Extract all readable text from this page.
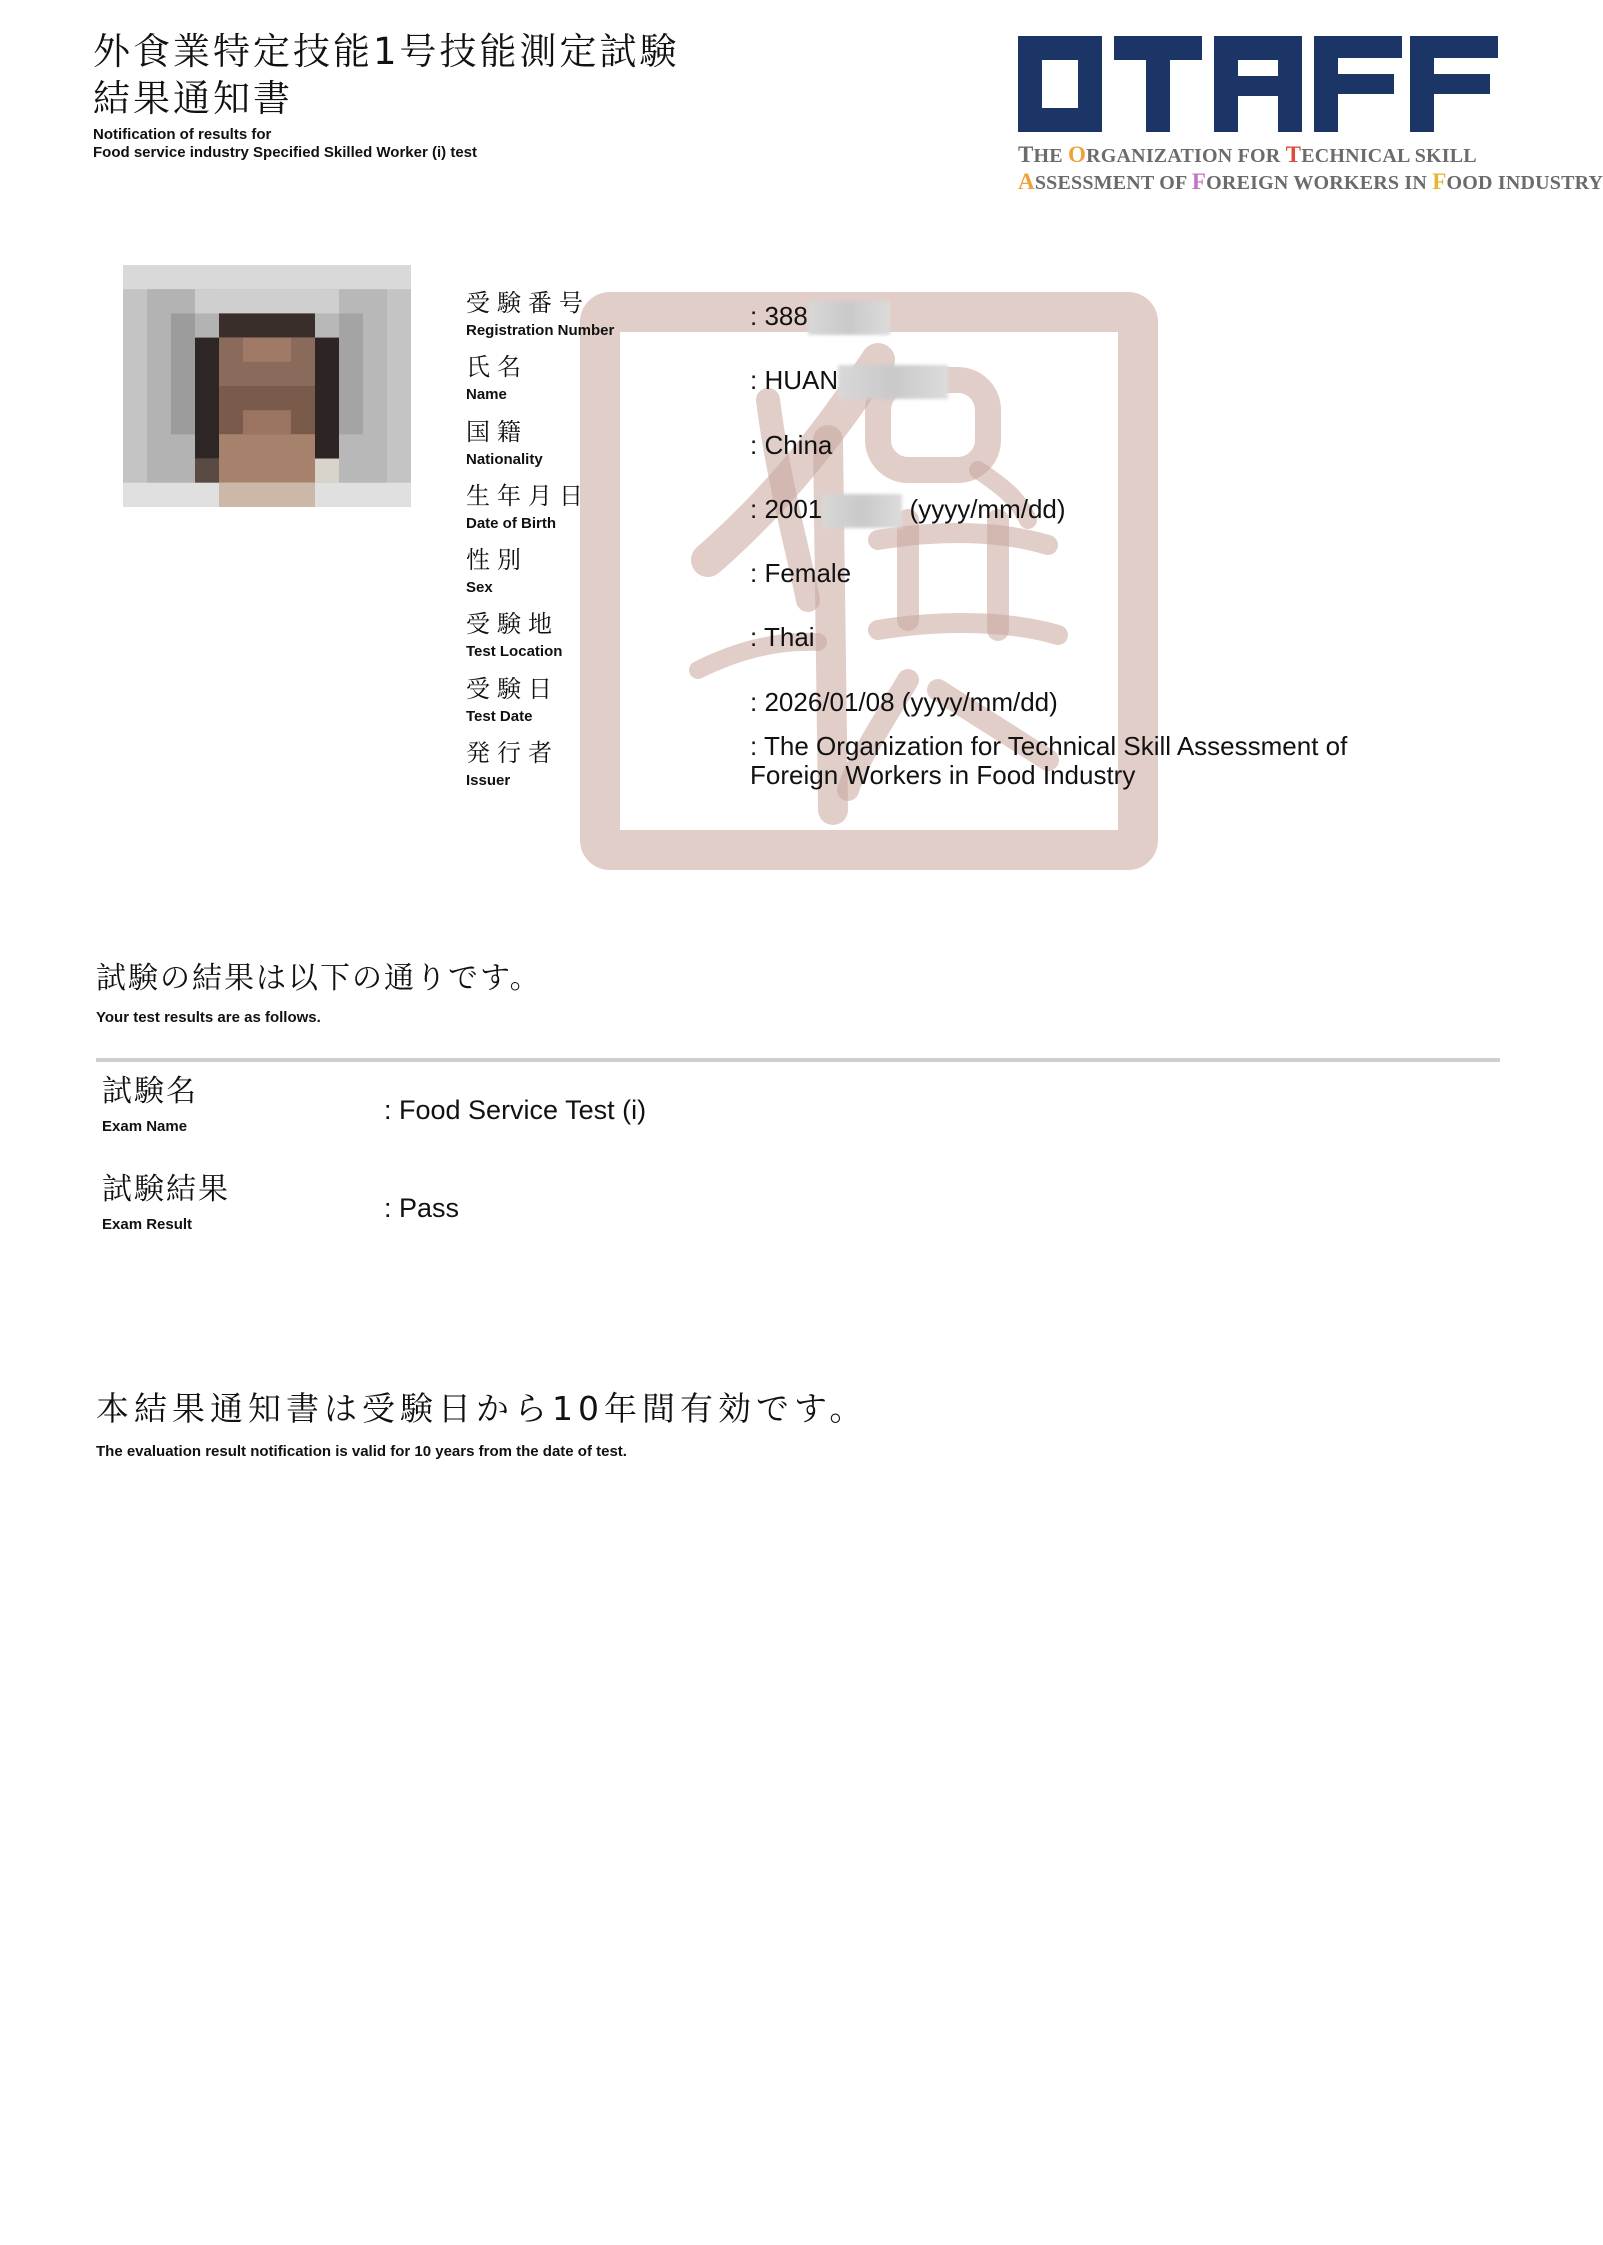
外食業特定技能1号技能測定試験
結果通知書
Notification of results for
Food service industry Specified Skilled Worker (i) test	THE ORGANIZATION FOR TECHNICAL SKILL
ASSESSMENT OF FOREIGN WORKERS IN FOOD INDUSTRY
受験番号
Registration Number	: 388
氏名
Name	: HUAN
国籍
Nationality	: China
生年月日
Date of Birth	: 2001	(yyyy/mm/dd)
性別
Sex	: Female
受験地
Test Location	: Thai
受験日
Test Date	: 2026/01/08 (yyyy/mm/dd)
発行者
Issuer
: The Organization for Technical Skill Assessment of
Foreign Workers in Food Industry
試験の結果は以下の通りです。
Your test results are as follows.
試験名
Exam Name
: Food Service Test (i)
試験結果
Exam Result
: Pass
本結果通知書は受験日から10年間有効です。
The evaluation result notification is valid for 10 years from the date of test.
